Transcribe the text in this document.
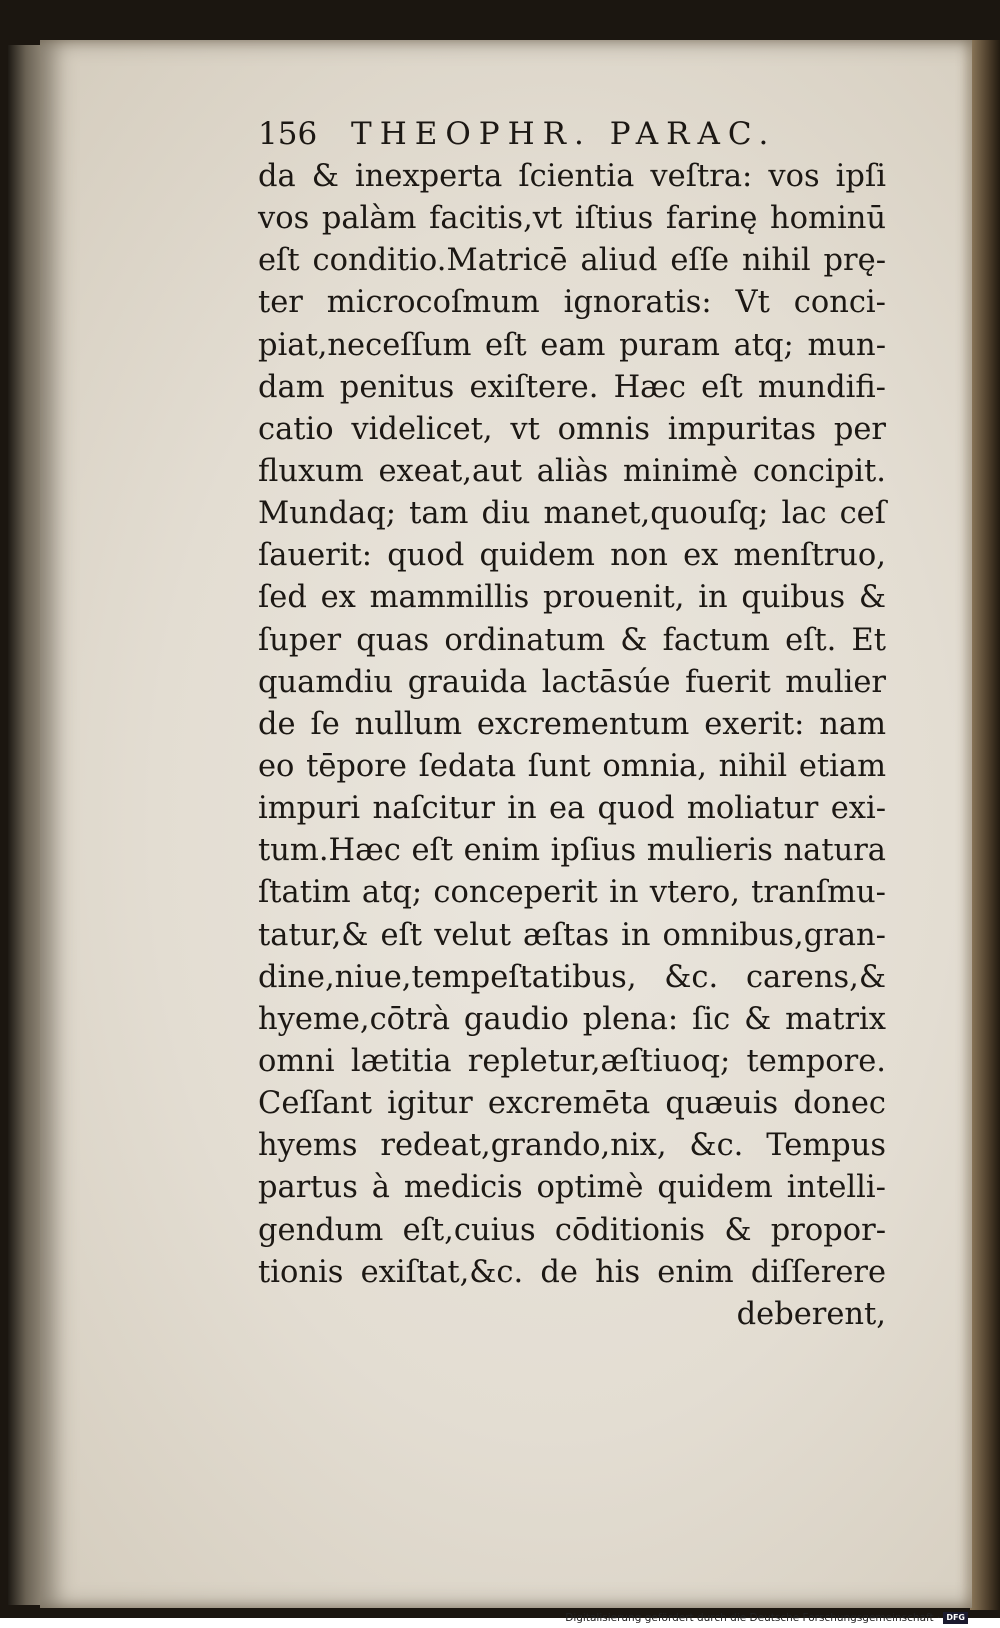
156 THEOPHR. PARAC.
da & inexperta ſcientia veſtra: vos ipſi
vos palàm facitis,vt iſtius farinę hominū
eſt conditio.Matricē aliud eſſe nihil prę-
ter microcoſmum ignoratis: Vt conci-
piat,neceſſum eſt eam puram atq; mun-
dam penitus exiſtere. Hæc eſt mundifi-
catio videlicet, vt omnis impuritas per
fluxum exeat,aut aliàs minimè concipit.
Mundaq; tam diu manet,quouſq; lac ceſ
ſauerit: quod quidem non ex menſtruo,
ſed ex mammillis prouenit, in quibus &
ſuper quas ordinatum & factum eſt. Et
quamdiu grauida lactāsúe fuerit mulier
de ſe nullum excrementum exerit: nam
eo tēpore ſedata ſunt omnia, nihil etiam
impuri naſcitur in ea quod moliatur exi-
tum.Hæc eſt enim ipſius mulieris natura
ſtatim atq; conceperit in vtero, tranſmu-
tatur,& eſt velut æſtas in omnibus,gran-
dine,niue,tempeſtatibus, &c. carens,&
hyeme,cōtrà gaudio plena: ſic & matrix
omni lætitia repletur,æſtiuoq; tempore.
Ceſſant igitur excremēta quæuis donec
hyems redeat,grando,nix, &c. Tempus
partus à medicis optimè quidem intelli-
gendum eſt,cuius cōditionis & propor-
tionis exiſtat,&c. de his enim diſſerere
deberent,
Digitalisierung gefördert durch die Deutsche Forschungsgemeinschaft · DFG
